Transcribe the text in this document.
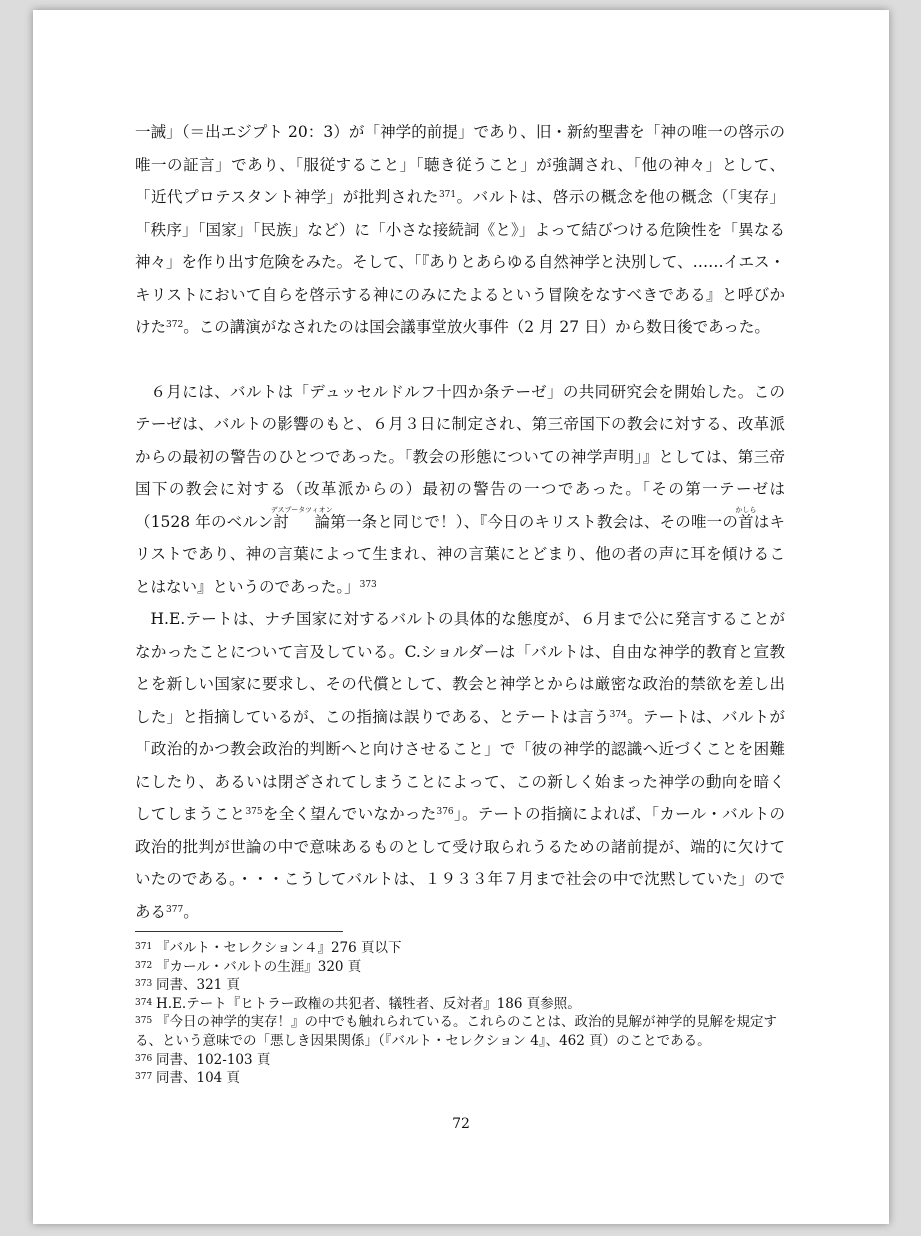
一誡」（＝出エジプト 20：3）が「神学的前提」であり、旧・新約聖書を「神の唯一の啓示の唯一の証言」であり、「服従すること」「聴き従うこと」が強調され、「他の神々」として、「近代プロテスタント神学」が批判された$^{371}$。バルトは、啓示の概念を他の概念（「実存」「秩序」「国家」「民族」など）に「小さな接続詞《と》」よって結びつける危険性を「異なる神々」を作り出す危険をみた。そして、「『ありとあらゆる自然神学と決別して、……イエス・キリストにおいて自らを啓示する神にのみにたよるという冒険をなすべきである』と呼びかけた$^{372}$。この講演がなされたのは国会議事堂放火事件（2 月 27 日）から数日後であった。

６月には、バルトは「デュッセルドルフ十四か条テーゼ」の共同研究会を開始した。このテーゼは、バルトの影響のもと、６月３日に制定され、第三帝国下の教会に対する、改革派からの最初の警告のひとつであった。「教会の形態についての神学声明」』としては、第三帝国下の教会に対する（改革派からの）最初の警告の一つであった。「その第一テーゼは（1528 年のベルン討　論デスプータツィオン第一条と同じで！）、『今日のキリスト教会は、その唯一の首かしらはキリストであり、神の言葉によって生まれ、神の言葉にとどまり、他の者の声に耳を傾けることはない』というのであった。」$^{373}$

H.E.テートは、ナチ国家に対するバルトの具体的な態度が、６月まで公に発言することがなかったことについて言及している。C.ショルダーは「バルトは、自由な神学的教育と宣教とを新しい国家に要求し、その代償として、教会と神学とからは厳密な政治的禁欲を差し出した」と指摘しているが、この指摘は誤りである、とテートは言う$^{374}$。テートは、バルトが「政治的かつ教会政治的判断へと向けさせること」で「彼の神学的認識へ近づくことを困難にしたり、あるいは閉ざされてしまうことによって、この新しく始まった神学の動向を暗くしてしまうこと$^{375}$を全く望んでいなかった$^{376}$」。テートの指摘によれば、「カール・バルトの政治的批判が世論の中で意味あるものとして受け取られうるための諸前提が、端的に欠けていたのである。・・・こうしてバルトは、１９３３年７月まで社会の中で沈黙していた」のである$^{377}$。

371 『バルト・セレクション４』276 頁以下

372 『カール・バルトの生涯』320 頁

373 同書、321 頁

374 H.E.テート『ヒトラー政権の共犯者、犠牲者、反対者』186 頁参照。

375 『今日の神学的実存！』の中でも触れられている。これらのことは、政治的見解が神学的見解を規定する、という意味での「悪しき因果関係」（『バルト・セレクション 4』、462 頁）のことである。

376 同書、102-103 頁

377 同書、104 頁

72
